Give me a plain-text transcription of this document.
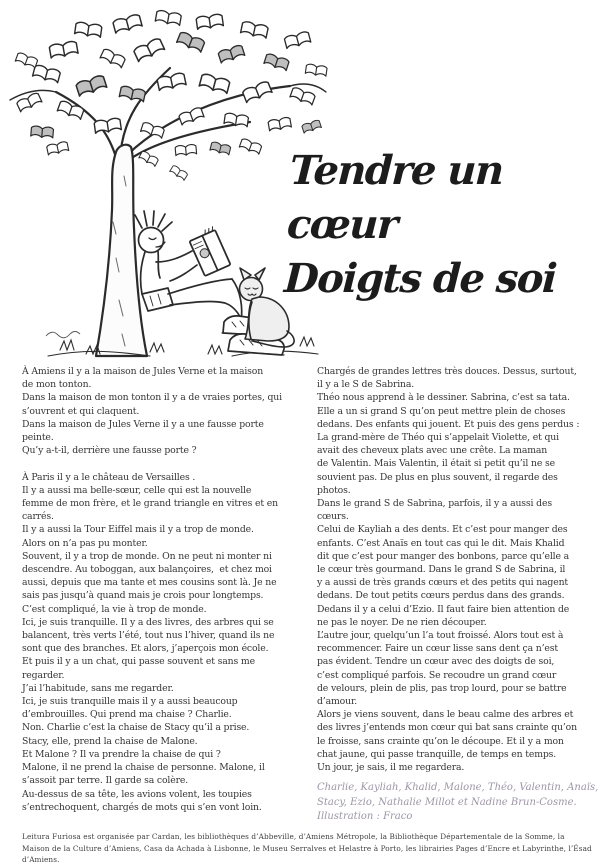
Tendre un cœur
Doigts de soi
À Amiens il y a la maison de Jules Verne et la maison
de mon tonton.
Dans la maison de mon tonton il y a de vraies portes, qui
s’ouvrent et qui claquent.
Dans la maison de Jules Verne il y a une fausse porte
peinte.
Qu’y a-t-il, derrière une fausse porte ?

À Paris il y a le château de Versailles .
Il y a aussi ma belle-sœur, celle qui est la nouvelle
femme de mon frère, et le grand triangle en vitres et en
carrés.
Il y a aussi la Tour Eiffel mais il y a trop de monde.
Alors on n’a pas pu monter.
Souvent, il y a trop de monde. On ne peut ni monter ni
descendre. Au toboggan, aux balançoires,  et chez moi
aussi, depuis que ma tante et mes cousins sont là. Je ne
sais pas jusqu’à quand mais je crois pour longtemps.
C’est compliqué, la vie à trop de monde.
Ici, je suis tranquille. Il y a des livres, des arbres qui se
balancent, très verts l’été, tout nus l’hiver, quand ils ne
sont que des branches. Et alors, j’aperçois mon école.
Et puis il y a un chat, qui passe souvent et sans me
regarder.
J’ai l’habitude, sans me regarder.
Ici, je suis tranquille mais il y a aussi beaucoup
d’embrouilles. Qui prend ma chaise ? Charlie.
Non. Charlie c’est la chaise de Stacy qu’il a prise.
Stacy, elle, prend la chaise de Malone.
Et Malone ? Il va prendre la chaise de qui ?
Malone, il ne prend la chaise de personne. Malone, il
s’assoit par terre. Il garde sa colère.
Au-dessus de sa tête, les avions volent, les toupies
s’entrechoquent, chargés de mots qui s’en vont loin.
Chargés de grandes lettres très douces. Dessus, surtout,
il y a le S de Sabrina.
Théo nous apprend à le dessiner. Sabrina, c’est sa tata.
Elle a un si grand S qu’on peut mettre plein de choses
dedans. Des enfants qui jouent. Et puis des gens perdus :
La grand-mère de Théo qui s’appelait Violette, et qui
avait des cheveux plats avec une crête. La maman
de Valentin. Mais Valentin, il était si petit qu’il ne se
souvient pas. De plus en plus souvent, il regarde des
photos.
Dans le grand S de Sabrina, parfois, il y a aussi des
cœurs.
Celui de Kayliah a des dents. Et c’est pour manger des
enfants. C’est Anaïs en tout cas qui le dit. Mais Khalid
dit que c’est pour manger des bonbons, parce qu’elle a
le cœur très gourmand. Dans le grand S de Sabrina, il
y a aussi de très grands cœurs et des petits qui nagent
dedans. De tout petits cœurs perdus dans des grands.
Dedans il y a celui d’Ezio. Il faut faire bien attention de
ne pas le noyer. De ne rien découper.
L’autre jour, quelqu’un l’a tout froissé. Alors tout est à
recommencer. Faire un cœur lisse sans dent ça n’est
pas évident. Tendre un cœur avec des doigts de soi,
c’est compliqué parfois. Se recoudre un grand cœur
de velours, plein de plis, pas trop lourd, pour se battre
d’amour.
Alors je viens souvent, dans le beau calme des arbres et
des livres j’entends mon cœur qui bat sans crainte qu’on
le froisse, sans crainte qu’on le découpe. Et il y a mon
chat jaune, qui passe tranquille, de temps en temps.
Un jour, je sais, il me regardera.
Charlie, Kayliah, Khalid, Malone, Théo, Valentin, Anaïs,
Stacy, Ezio, Nathalie Millot et Nadine Brun-Cosme.
Illustration : Fraco
Leitura Furiosa est organisée par Cardan, les bibliothèques d’Abbeville, d’Amiens Métropole, la Bibliothèque Départementale de la Somme, la Maison de la Culture d’Amiens, Casa da Achada à Lisbonne, le Museu Serralves et Helastre à Porto, les librairies Pages d’Encre et Labyrinthe, l’Ésad d’Amiens.
